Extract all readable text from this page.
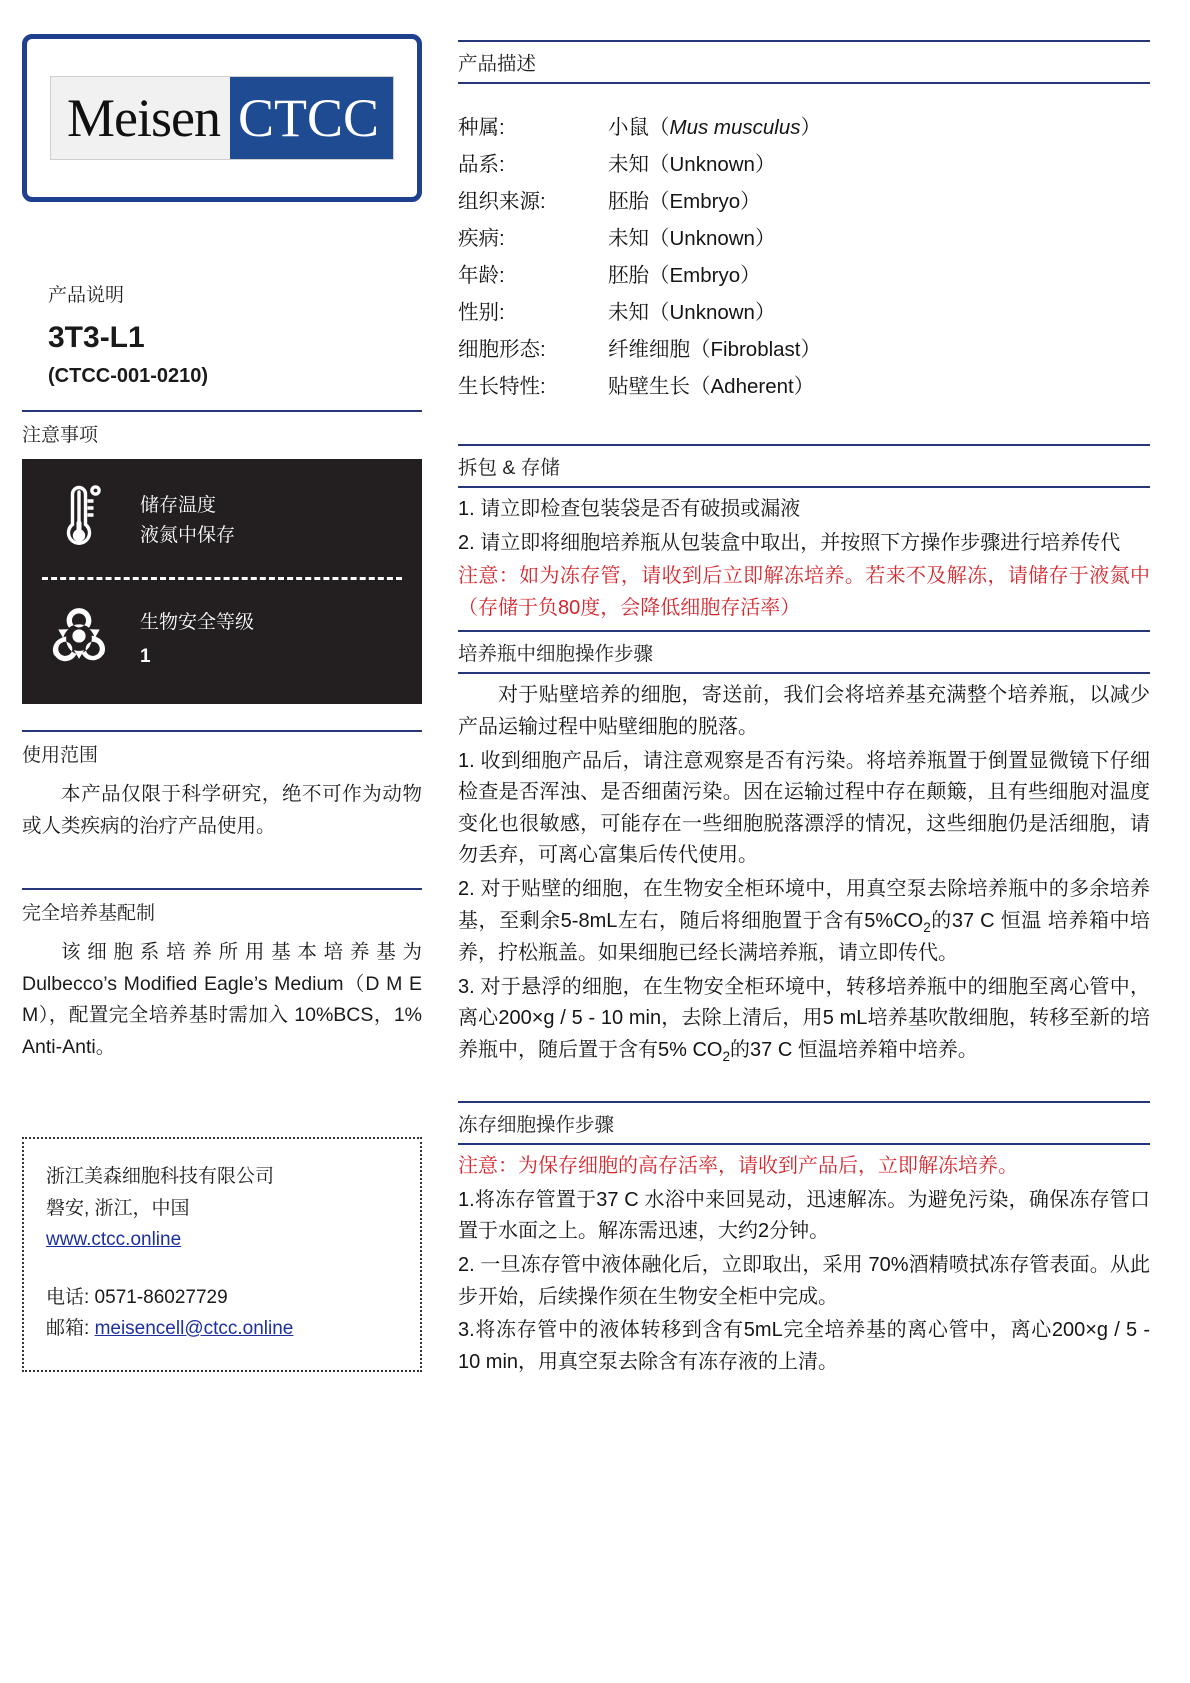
Meisen CTCC
产品说明
3T3-L1
(CTCC-001-0210)
注意事项
储存温度
液氮中保存
生物安全等级
1
使用范围
本产品仅限于科学研究，绝不可作为动物或人类疾病的治疗产品使用。
完全培养基配制
该细胞系培养所用基本培养基为 Dulbecco’s Modified Eagle’s Medium（D M E M），配置完全培养基时需加入 10%BCS，1% Anti-Anti。
浙江美森细胞科技有限公司
磐安, 浙江，中国
www.ctcc.online
电话: 0571-86027729
邮箱: meisencell@ctcc.online
产品描述
种属:	小鼠（Mus musculus）
品系:	未知（Unknown）
组织来源:	胚胎（Embryo）
疾病:	未知（Unknown）
年龄:	胚胎（Embryo）
性别:	未知（Unknown）
细胞形态:	纤维细胞（Fibroblast）
生长特性:	贴壁生长（Adherent）
拆包 & 存储

1. 请立即检查包装袋是否有破损或漏液

2. 请立即将细胞培养瓶从包装盒中取出，并按照下方操作步骤进行培养传代

注意：如为冻存管，请收到后立即解冻培养。若来不及解冻，请储存于液氮中（存储于负80度，会降低细胞存活率）

培养瓶中细胞操作步骤

对于贴壁培养的细胞，寄送前，我们会将培养基充满整个培养瓶，以减少产品运输过程中贴壁细胞的脱落。

1. 收到细胞产品后，请注意观察是否有污染。将培养瓶置于倒置显微镜下仔细检查是否浑浊、是否细菌污染。因在运输过程中存在颠簸，且有些细胞对温度变化也很敏感，可能存在一些细胞脱落漂浮的情况，这些细胞仍是活细胞，请勿丢弃，可离心富集后传代使用。

2. 对于贴壁的细胞，在生物安全柜环境中，用真空泵去除培养瓶中的多余培养基，至剩余5-8mL左右，随后将细胞置于含有$5\%CO_2$的37 C 恒温 培养箱中培养，拧松瓶盖。如果细胞已经长满培养瓶，请立即传代。

3. 对于悬浮的细胞，在生物安全柜环境中，转移培养瓶中的细胞至离心管中，离心200×g / 5 - 10 min，去除上清后，用5 mL培养基吹散细胞，转移至新的培养瓶中，随后置于含有5% $CO_2$的37 C 恒温培养箱中培养。

冻存细胞操作步骤

注意：为保存细胞的高存活率，请收到产品后，立即解冻培养。

1.将冻存管置于37 C 水浴中来回晃动，迅速解冻。为避免污染，确保冻存管口置于水面之上。解冻需迅速，大约2分钟。

2. 一旦冻存管中液体融化后，立即取出，采用 70%酒精喷拭冻存管表面。从此步开始，后续操作须在生物安全柜中完成。

3.将冻存管中的液体转移到含有5mL完全培养基的离心管中，离心200×g / 5 - 10 min，用真空泵去除含有冻存液的上清。
